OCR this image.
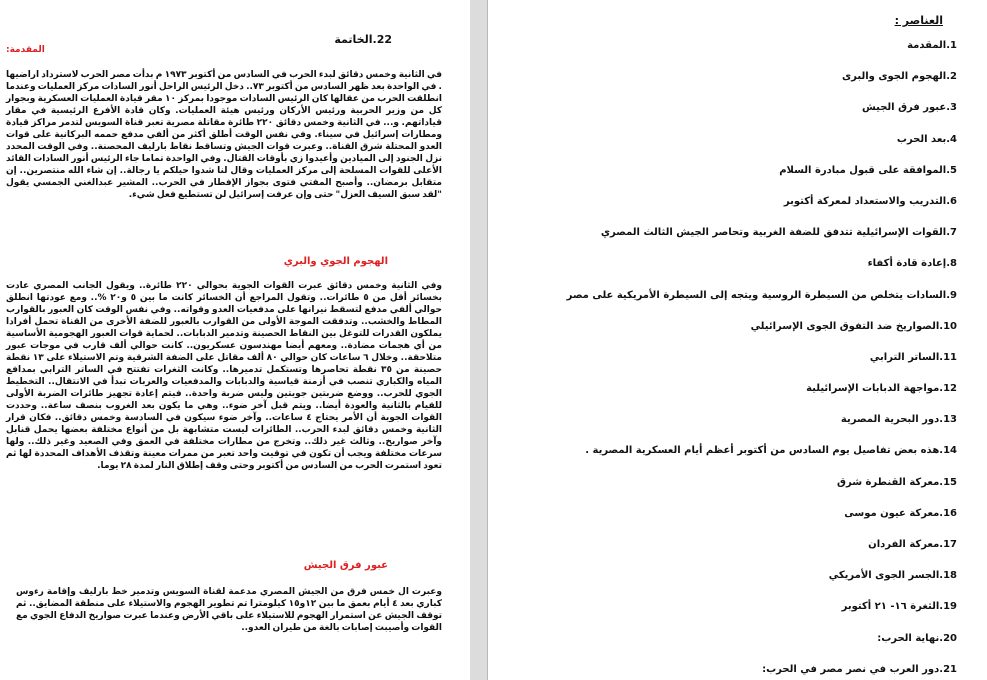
22.الخاتمة
المقدمة:
في الثانية وخمس دقائق لبدء الحرب في السادس من أكتوبر ١٩٧٣ م بدأت مصر الحرب لاسترداد اراضيها . في الواحدة بعد ظهر السادس من أكتوبر ٧٣.. دخل الرئيس الراحل أنور السادات مركز العمليات وعندما انطلقت الحرب من عقالها كان الرئيس السادات موجودا بمركز ١٠ مقر قيادة العمليات العسكرية وبجوار كل من وزير الحربية ورئيس الأركان ورئيس هيئة العمليات. وكان قادة الأفرع الرئيسية في مقار قياداتهم. و... في الثانية وخمس دقائق ٢٢٠ طائرة مقاتلة مصرية تعبر قناة السويس لتدمر مراكز قيادة ومطارات إسرائيل في سيناء. وفي نفس الوقت أطلق أكثر من ألفي مدفع حممه البركانية على قوات العدو المحتلة شرق القناة.. وعبرت قوات الجيش وتساقط نقاط بارليف المحصنة.. وفي الوقت المحدد نزل الجنود إلى الميادين وأعيدوا زي بأوقات القتال. وفي الواحدة تماما جاء الرئيس أنور السادات القائد الأعلى للقوات المسلحة إلى مركز العمليات وقال لنا شدوا حيلكم يا رجالة.. إن شاء الله منتصرين.. إن متقابل برمضان.. وأصبح المفتي فتوى بجواز الإفطار في الحرب.. المشير عبدالغني الجمسي يقول "لقد سبق السيف العزل" حتى وإن عرفت إسرائيل لن تستطيع فعل شيء.
الهجوم الجوي والبري
وفي الثانية وخمس دقائق عبرت القوات الجوية بحوالي ٢٢٠ طائرة.. ويقول الجانب المصري عادت بخسائر أقل من ٥ طائرات.. وتقول المراجع أن الخسائر كانت ما بين ٥ و٢٠ %.. ومع عودتها انطلق حوالي ألفي مدفع لتسقط نيرانها على مدفعيات العدو وقواته.. وفي نفس الوقت كان العبور بالقوارب المطاط والخشب.. وتدفقت الموجة الأولى من القوارب بالعبور للضفة الأخرى من القناة تحمل أفرادا يملكون القدرات للتوغل بين النقاط الحصينة وتدمير الدبابات.. لحماية قوات العبور الهجومية الأساسية من أي هجمات مضادة.. ومعهم أيضا مهندسون عسكريون.. كانت حوالي ألف قارب في موجات عبور متلاحقة.. وخلال ٦ ساعات كان حوالي ٨٠ ألف مقاتل على الضفة الشرقية وتم الاستيلاء على ١٣ نقطة حصينة من ٣٥ نقطة تحاصرها وتستكمل تدميرها.. وكانت الثغرات تفتتح في الساتر الترابي بمدافع المياه والكباري تنصب في أزمنة قياسية والدبابات والمدفعيات والعربات تبدأ في الانتقال.. التخطيط الجوي للحرب.. ووضع ضربتين جويتين وليس ضربة واحدة.. فيتم إعادة تجهيز طائرات الضربة الأولى للقيام بالثانية والعودة أيضا.. ويتم قبل آخر ضوء.. وهي ما يكون بعد الغروب بنصف ساعة.. وحددت القوات الجوية أن الأمر يحتاج ٤ ساعات.. وآخر ضوء سيكون في السادسة وخمس دقائق.. فكان قرار الثانية وخمس دقائق لبدء الحرب.. الطائرات ليست متشابهة بل من أنواع مختلفة بعضها يحمل قنابل وآخر صواريخ.. وثالث غير ذلك.. وتخرج من مطارات مختلفة في العمق وفي الصعيد وغير ذلك.. ولها سرعات مختلفة ويجب أن تكون في توقيت واحد تعبر من ممرات معينة وتقذف الأهداف المحددة لها ثم تعود استمرت الحرب من السادس من أكتوبر وحتى وقف إطلاق النار لمدة ٢٨ يوما.
عبور فرق الجيش
وعبرت ال خمس فرق من الجيش المصري مدعمة لقناة السويس وتدمير خط بارليف وإقامة رءوس كباري بعد ٤ أيام بعمق ما بين ١٢و١٥ كيلومترا تم تطوير الهجوم والاستيلاء على منطقة المضايق.. ثم توقف الجيش عن استمرار الهجوم للاستيلاء على باقي الأرض وعندما عبرت صواريخ الدفاع الجوي مع القوات وأصيبت إصابات بالغة من طيران العدو..
العناصر :
1.المقدمة
2.الهجوم الجوى والبرى
3.عبور فرق الجيش
4.بعد الحرب
5.الموافقة على قبول مبادرة السلام
6.التدريب والاستعداد لمعركة أكتوبر
7.القوات الإسرائيلية تتدفق للضفة الغربية وتحاصر الجيش الثالث المصري
8.إعادة قادة أكفاء
9.السادات يتخلص من السيطرة الروسية ويتجه إلى السيطرة الأمريكية على مصر
10.الصواريخ ضد التفوق الجوى الإسرائيلي
11.الساتر الترابي
12.مواجهة الدبابات الإسرائيلية
13.دور البحرية المصرية
14.هذه بعض تفاصيل يوم السادس من أكتوبر أعظم أيام العسكرية المصرية .
15.معركة القنطرة شرق
16.معركة عيون موسى
17.معركة الفردان
18.الجسر الجوى الأمريكي
19.الثغرة ١٦- ٢١ أكتوبر
20.نهاية الحرب:
21.دور العرب في نصر مصر في الحرب:
